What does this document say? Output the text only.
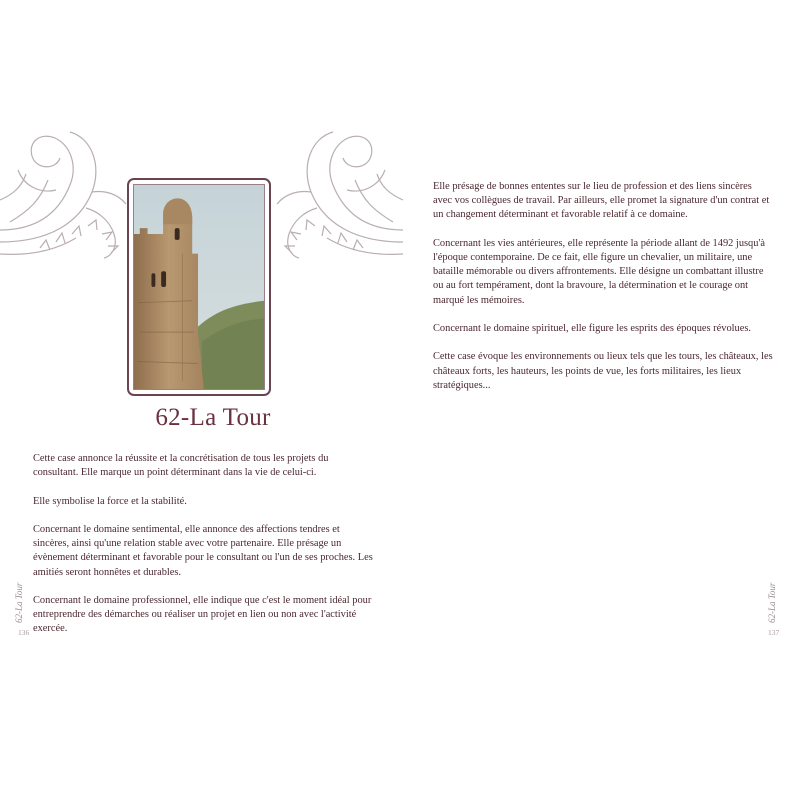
62-La Tour

Cette case annonce la réussite et la concrétisation de tous les projets du consultant. Elle marque un point déterminant dans la vie de celui-ci.

Elle symbolise la force et la stabilité.

Concernant le domaine sentimental, elle annonce des affections tendres et sincères, ainsi qu'une relation stable avec votre partenaire. Elle présage un évènement déterminant et favorable pour le consultant ou l'un de ses proches. Les amitiés seront honnêtes et durables.

Concernant le domaine professionnel, elle indique que c'est le moment idéal pour entreprendre des démarches ou réaliser un projet en lien ou non avec l'activité exercée.

Elle présage de bonnes ententes sur le lieu de profession et des liens sincères avec vos collègues de travail. Par ailleurs, elle promet la signature d'un contrat et un changement déterminant et favorable relatif à ce domaine.

Concernant les vies antérieures, elle représente la période allant de 1492 jusqu'à l'époque contemporaine. De ce fait, elle figure un chevalier, un militaire, une bataille mémorable ou divers affrontements. Elle désigne un combattant illustre ou au fort tempérament, dont la bravoure, la détermination et le courage ont marqué les mémoires.

Concernant le domaine spirituel, elle figure les esprits des époques révolues.

Cette case évoque les environnements ou lieux tels que les tours, les châteaux, les châteaux forts, les hauteurs, les points de vue, les forts militaires, les lieux stratégiques...

62-La Tour
136
62-La Tour
137
